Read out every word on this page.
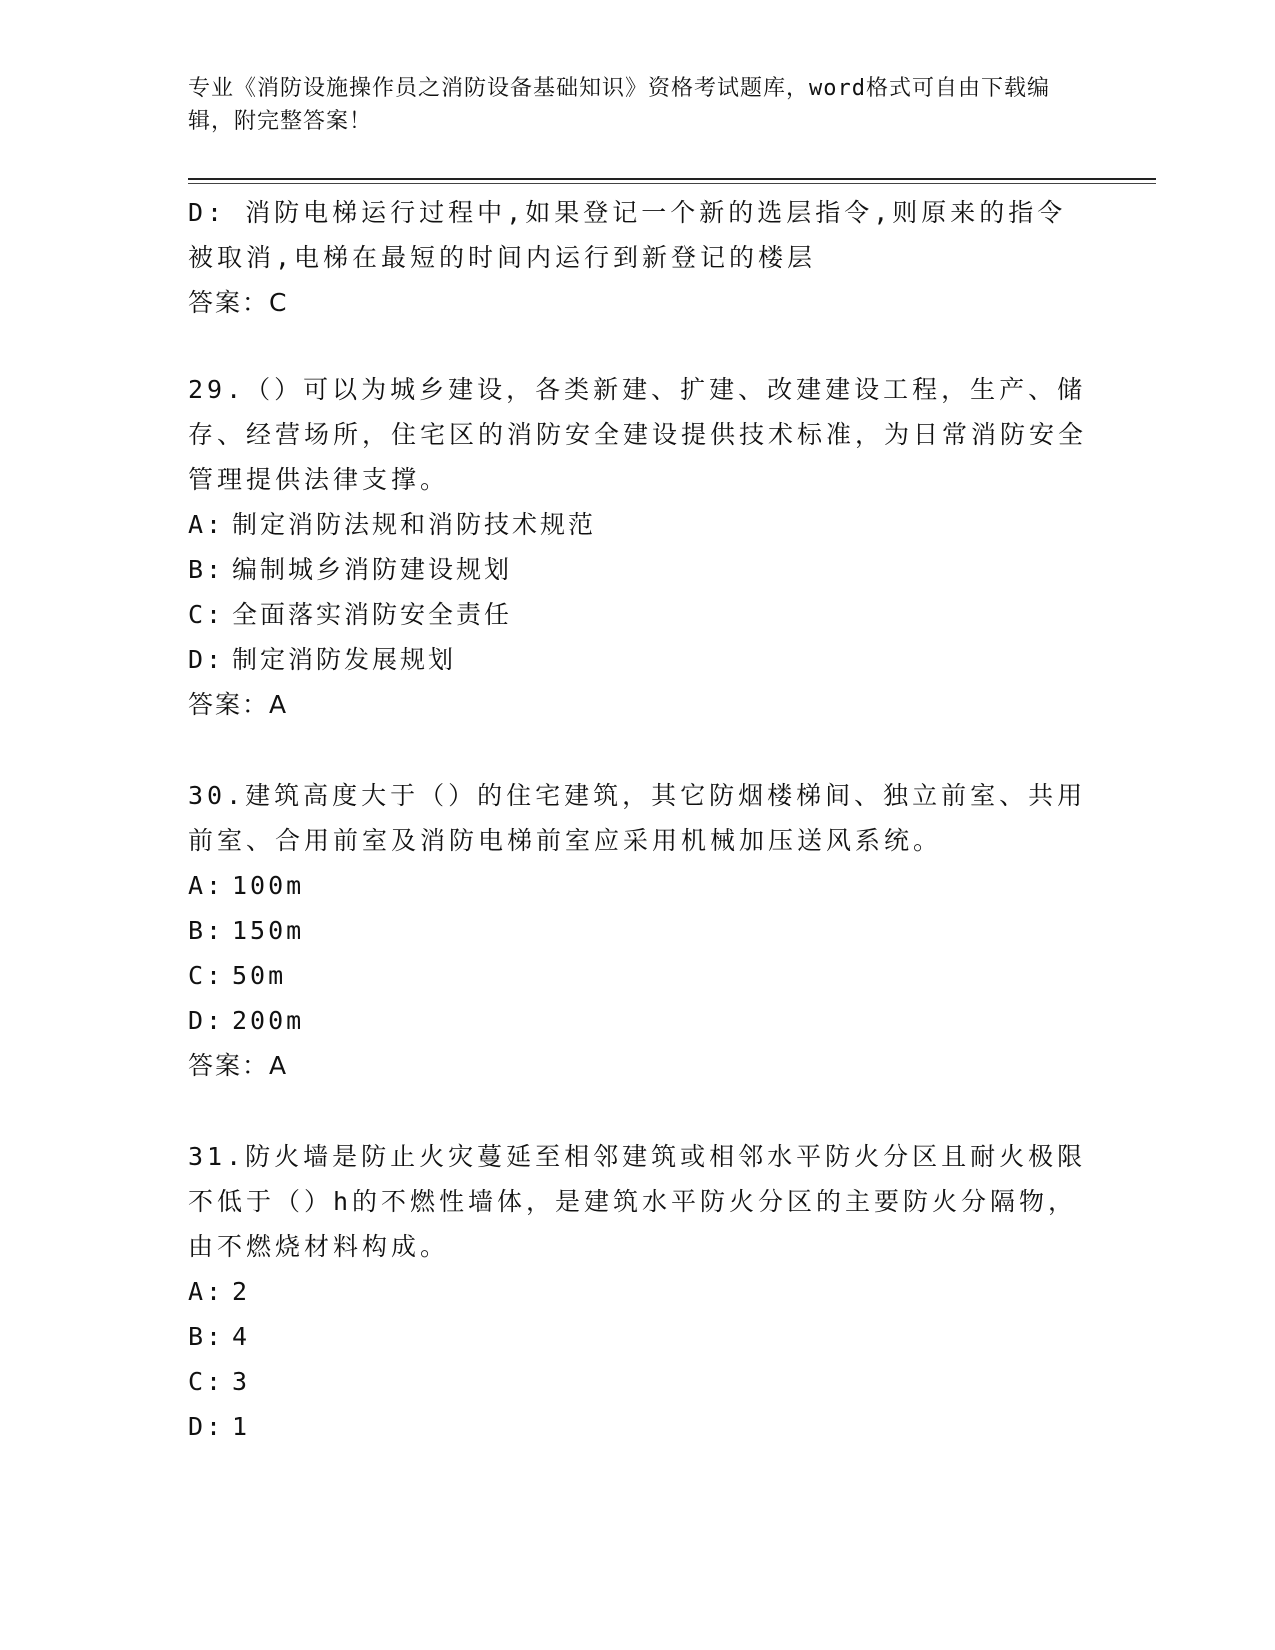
专业《消防设施操作员之消防设备基础知识》资格考试题库，word格式可自由下载编辑，附完整答案！

D: 消防电梯运行过程中,如果登记一个新的选层指令,则原来的指令被取消,电梯在最短的时间内运行到新登记的楼层

答案：C

29.（）可以为城乡建设，各类新建、扩建、改建建设工程，生产、储存、经营场所，住宅区的消防安全建设提供技术标准，为日常消防安全管理提供法律支撑。

A: 制定消防法规和消防技术规范

B: 编制城乡消防建设规划

C: 全面落实消防安全责任

D: 制定消防发展规划

答案：A

30.建筑高度大于（）的住宅建筑，其它防烟楼梯间、独立前室、共用前室、合用前室及消防电梯前室应采用机械加压送风系统。

A: 100m

B: 150m

C: 50m

D: 200m

答案：A

31.防火墙是防止火灾蔓延至相邻建筑或相邻水平防火分区且耐火极限不低于（）h的不燃性墙体，是建筑水平防火分区的主要防火分隔物，由不燃烧材料构成。

A: 2

B: 4

C: 3

D: 1
